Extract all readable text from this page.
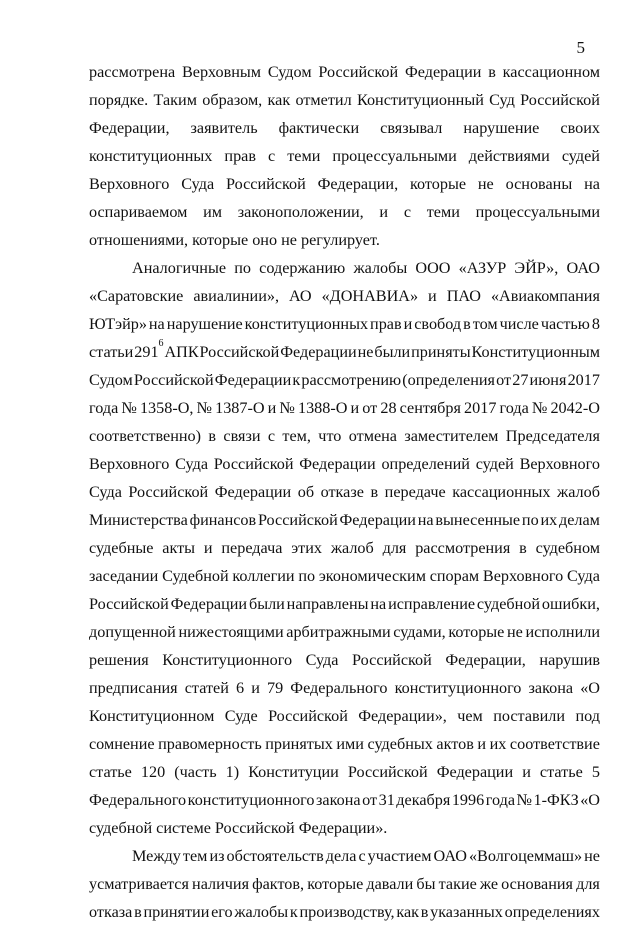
5
рассмотрена Верховным Судом Российской Федерации в кассационном
порядке. Таким образом, как отметил Конституционный Суд Российской
Федерации, заявитель фактически связывал нарушение своих
конституционных прав с теми процессуальными действиями судей
Верховного Суда Российской Федерации, которые не основаны на
оспариваемом им законоположении, и с теми процессуальными
отношениями, которые оно не регулирует.
Аналогичные по содержанию жалобы ООО «АЗУР ЭЙР», ОАО
«Саратовские авиалинии», АО «ДОНАВИА» и ПАО «Авиакомпания
ЮТэйр» на нарушение конституционных прав и свобод в том числе частью 8
статьи $291^6$ АПК Российской Федерации не были приняты Конституционным
Судом Российской Федерации к рассмотрению (определения от 27 июня 2017
года № 1358-О, № 1387-О и № 1388-О и от 28 сентября 2017 года № 2042-О
соответственно) в связи с тем, что отмена заместителем Председателя
Верховного Суда Российской Федерации определений судей Верховного
Суда Российской Федерации об отказе в передаче кассационных жалоб
Министерства финансов Российской Федерации на вынесенные по их делам
судебные акты и передача этих жалоб для рассмотрения в судебном
заседании Судебной коллегии по экономическим спорам Верховного Суда
Российской Федерации были направлены на исправление судебной ошибки,
допущенной нижестоящими арбитражными судами, которые не исполнили
решения Конституционного Суда Российской Федерации, нарушив
предписания статей 6 и 79 Федерального конституционного закона «О
Конституционном Суде Российской Федерации», чем поставили под
сомнение правомерность принятых ими судебных актов и их соответствие
статье 120 (часть 1) Конституции Российской Федерации и статье 5
Федерального конституционного закона от 31 декабря 1996 года № 1-ФКЗ «О
судебной системе Российской Федерации».
Между тем из обстоятельств дела с участием ОАО «Волгоцеммаш» не
усматривается наличия фактов, которые давали бы такие же основания для
отказа в принятии его жалобы к производству, как в указанных определениях
